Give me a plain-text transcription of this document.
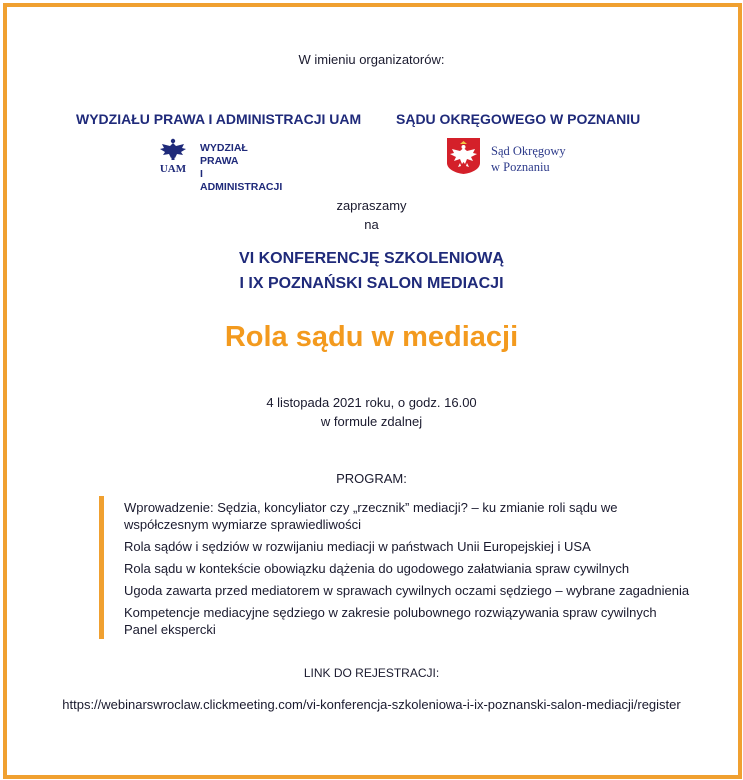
W imieniu organizatorów:
WYDZIAŁU PRAWA I ADMINISTRACJI UAM SĄDU OKRĘGOWEGO W POZNANIU
UAM
WYDZIAŁ PRAWA
I ADMINISTRACJI
Sąd Okręgowy
w Poznaniu
zapraszamy
na
VI KONFERENCJĘ SZKOLENIOWĄ
I IX POZNAŃSKI SALON MEDIACJI
Rola sądu w mediacji
4 listopada 2021 roku, o godz. 16.00
w formule zdalnej
PROGRAM:
Wprowadzenie: Sędzia, koncyliator czy „rzecznik” mediacji? – ku zmianie roli sądu we współczesnym wymiarze sprawiedliwości
Rola sądów i sędziów w rozwijaniu mediacji w państwach Unii Europejskiej i USA
Rola sądu w kontekście obowiązku dążenia do ugodowego załatwiania spraw cywilnych
Ugoda zawarta przed mediatorem w sprawach cywilnych oczami sędziego – wybrane zagadnienia
Kompetencje mediacyjne sędziego w zakresie polubownego rozwiązywania spraw cywilnych
Panel ekspercki
LINK DO REJESTRACJI:
https://webinarswroclaw.clickmeeting.com/vi-konferencja-szkoleniowa-i-ix-poznanski-salon-mediacji/register
